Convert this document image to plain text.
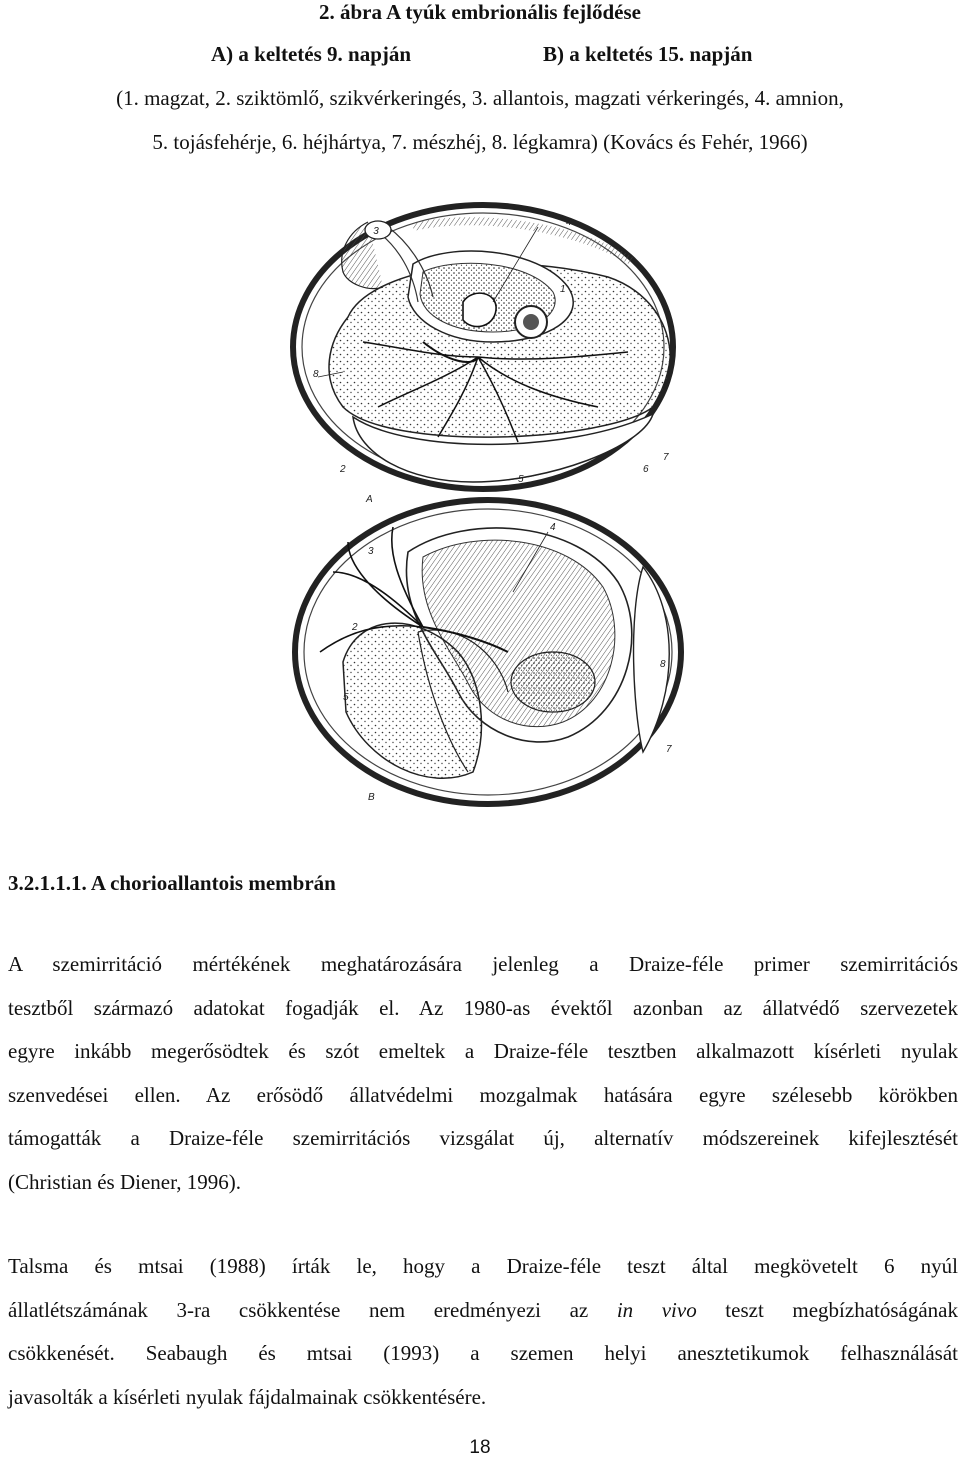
2. ábra A tyúk embrionális fejlődése
A) a keltetés 9. napján	B) a keltetés 15. napján
(1. magzat, 2. sziktömlő, szikvérkeringés, 3. allantois, magzati vérkeringés, 4. amnion,
5. tojásfehérje, 6. héjhártya, 7. mészhéj, 8. légkamra) (Kovács és Fehér, 1966)
3
4
1
8
2
5
6
7
A
3
4
2
8
5
7
B
3.2.1.1.1. A chorioallantois membrán
A szemirritáció mértékének meghatározására jelenleg a Draize-féle primer szemirritációs
tesztből származó adatokat fogadják el. Az 1980-as évektől azonban az állatvédő szervezetek
egyre inkább megerősödtek és szót emeltek a Draize-féle tesztben alkalmazott kísérleti nyulak
szenvedései ellen. Az erősödő állatvédelmi mozgalmak hatására egyre szélesebb körökben
támogatták a Draize-féle szemirritációs vizsgálat új, alternatív módszereinek kifejlesztését
(Christian és Diener, 1996).
Talsma és mtsai (1988) írták le, hogy a Draize-féle teszt által megkövetelt 6 nyúl
állatlétszámának 3-ra csökkentése nem eredményezi az in vivo teszt megbízhatóságának
csökkenését. Seabaugh és mtsai (1993) a szemen helyi anesztetikumok felhasználását
javasolták a kísérleti nyulak fájdalmainak csökkentésére.
18
